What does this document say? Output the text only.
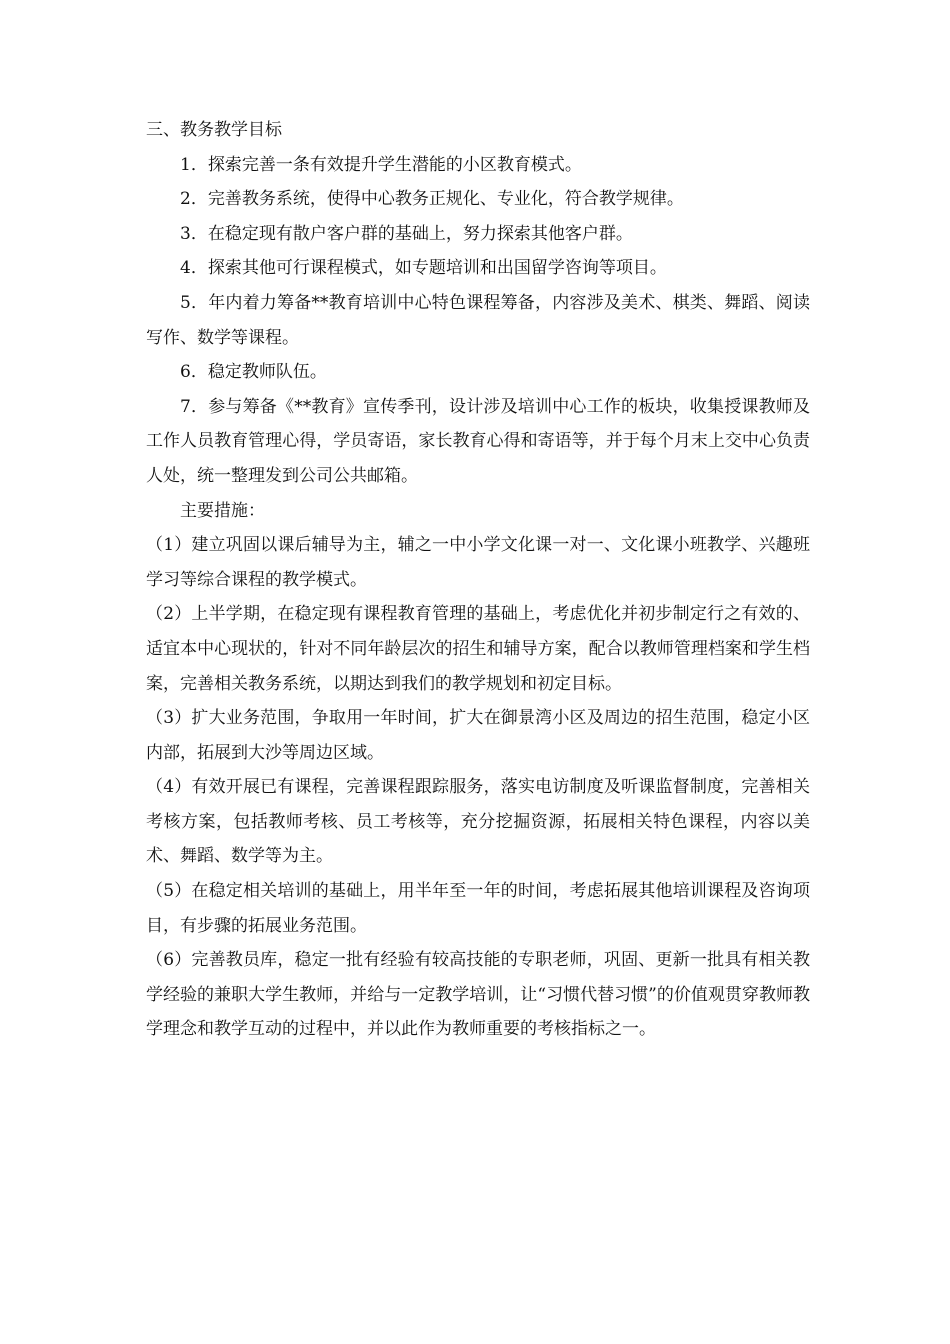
三、教务教学目标

1．探索完善一条有效提升学生潜能的小区教育模式。

2．完善教务系统，使得中心教务正规化、专业化，符合教学规律。

3．在稳定现有散户客户群的基础上，努力探索其他客户群。

4．探索其他可行课程模式，如专题培训和出国留学咨询等项目。

5．年内着力筹备**教育培训中心特色课程筹备，内容涉及美术、棋类、舞蹈、阅读写作、数学等课程。

6．稳定教师队伍。

7．参与筹备《**教育》宣传季刊，设计涉及培训中心工作的板块，收集授课教师及工作人员教育管理心得，学员寄语，家长教育心得和寄语等，并于每个月末上交中心负责人处，统一整理发到公司公共邮箱。

主要措施：

（1）建立巩固以课后辅导为主，辅之一中小学文化课一对一、文化课小班教学、兴趣班学习等综合课程的教学模式。

（2）上半学期，在稳定现有课程教育管理的基础上，考虑优化并初步制定行之有效的、适宜本中心现状的，针对不同年龄层次的招生和辅导方案，配合以教师管理档案和学生档案，完善相关教务系统，以期达到我们的教学规划和初定目标。

（3）扩大业务范围，争取用一年时间，扩大在御景湾小区及周边的招生范围，稳定小区内部，拓展到大沙等周边区域。

（4）有效开展已有课程，完善课程跟踪服务，落实电访制度及听课监督制度，完善相关考核方案，包括教师考核、员工考核等，充分挖掘资源，拓展相关特色课程，内容以美术、舞蹈、数学等为主。

（5）在稳定相关培训的基础上，用半年至一年的时间，考虑拓展其他培训课程及咨询项目，有步骤的拓展业务范围。

（6）完善教员库，稳定一批有经验有较高技能的专职老师，巩固、更新一批具有相关教学经验的兼职大学生教师，并给与一定教学培训，让“习惯代替习惯”的价值观贯穿教师教学理念和教学互动的过程中，并以此作为教师重要的考核指标之一。
